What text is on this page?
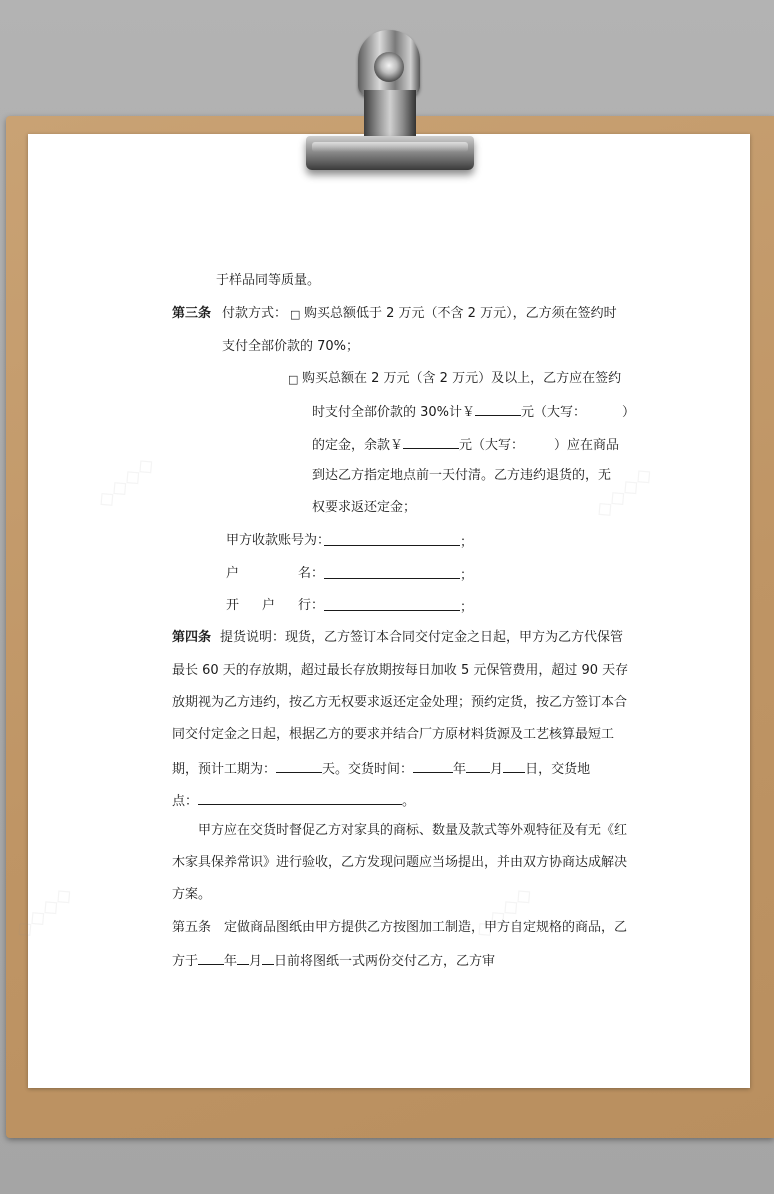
◇◇◇◇	◇◇◇◇
◇◇◇◇	◇◇◇◇
于样品同等质量。
第三条 付款方式： □ 购买总额低于 2 万元（不含 2 万元），乙方须在签约时
支付全部价款的 70%；
□ 购买总额在 2 万元（含 2 万元）及以上，乙方应在签约
时支付全部价款的 30%计￥	元（大写：	）
的定金，余款￥	元（大写： ）应在商品
到达乙方指定地点前一天付清。乙方违约退货的，无
权要求返还定金；
甲方收款账号为：	；
户	名：	；
开 户 行：	；
第四条 提货说明：现货，乙方签订本合同交付定金之日起，甲方为乙方代保管
最长 60 天的存放期，超过最长存放期按每日加收 5 元保管费用，超过 90 天存
放期视为乙方违约，按乙方无权要求返还定金处理；预约定货，按乙方签订本合
同交付定金之日起，根据乙方的要求并结合厂方原材料货源及工艺核算最短工
期，预计工期为：	天。交货时间：	年 月 日，交货地
点：	。
甲方应在交货时督促乙方对家具的商标、数量及款式等外观特征及有无《红
木家具保养常识》进行验收，乙方发现问题应当场提出，并由双方协商达成解决
方案。
第五条　定做商品图纸由甲方提供乙方按图加工制造，甲方自定规格的商品，乙
方于 年 月 日前将图纸一式两份交付乙方，乙方审
